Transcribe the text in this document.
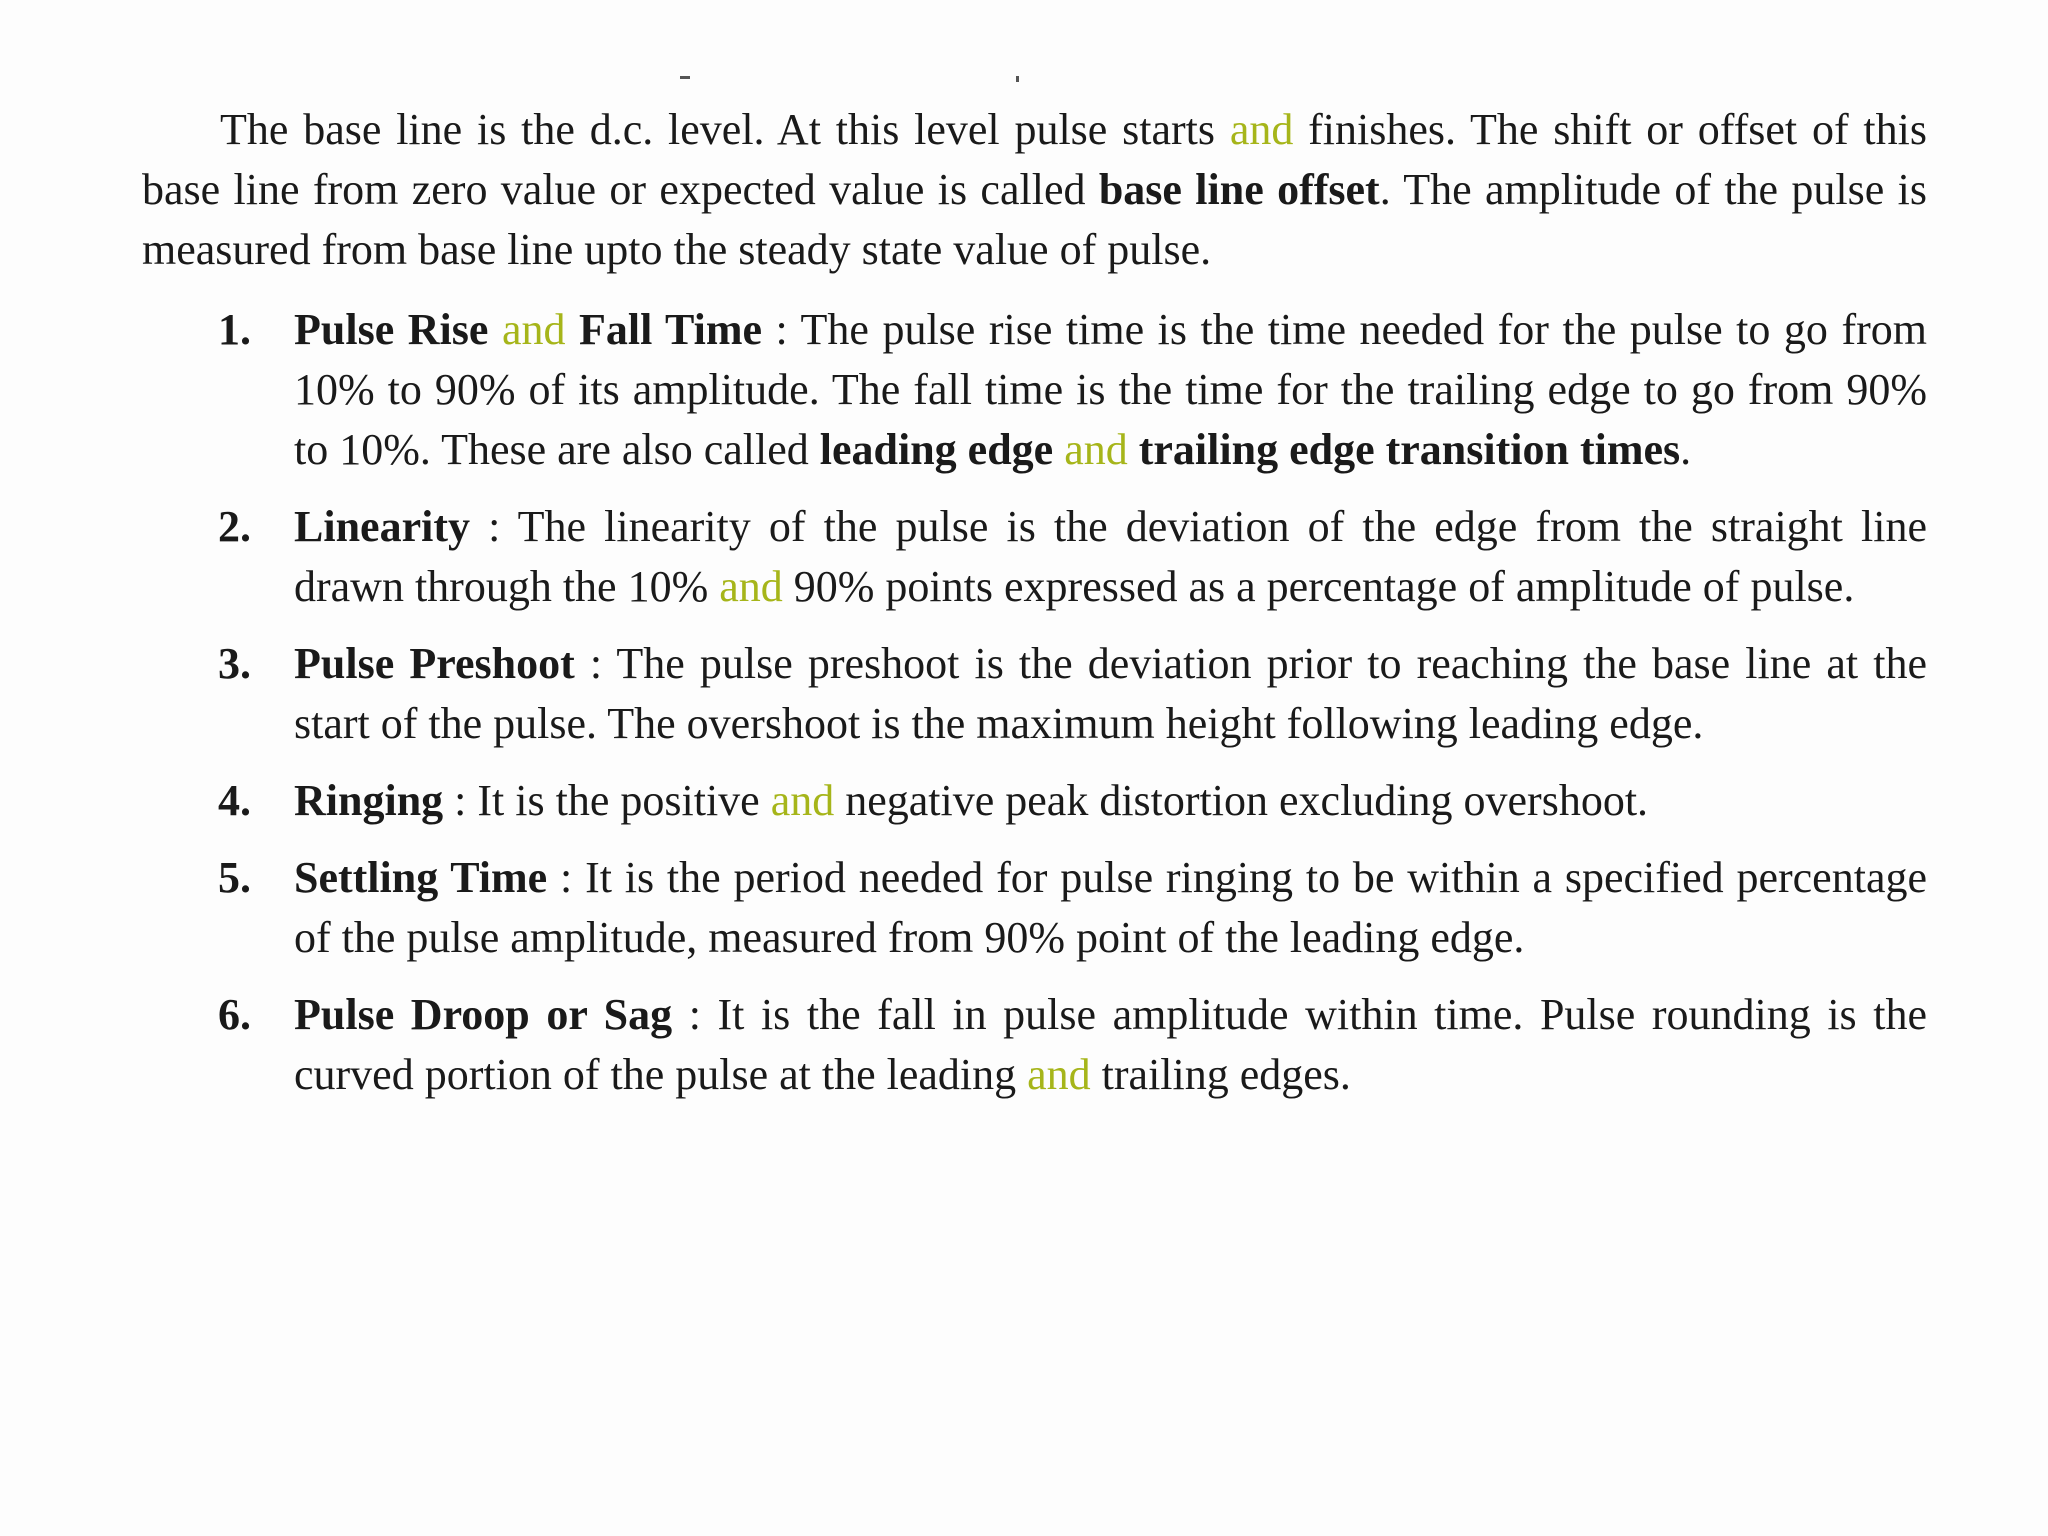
The base line is the d.c. level. At this level pulse starts and finishes. The shift or offset of this base line from zero value or expected value is called base line offset. The amplitude of the pulse is measured from base line upto the steady state value of pulse.

1. Pulse Rise and Fall Time : The pulse rise time is the time needed for the pulse to go from 10% to 90% of its amplitude. The fall time is the time for the trailing edge to go from 90% to 10%. These are also called leading edge and trailing edge transition times.
2. Linearity : The linearity of the pulse is the deviation of the edge from the straight line drawn through the 10% and 90% points expressed as a percentage of amplitude of pulse.
3. Pulse Preshoot : The pulse preshoot is the deviation prior to reaching the base line at the start of the pulse. The overshoot is the maximum height following leading edge.
4. Ringing : It is the positive and negative peak distortion excluding overshoot.
5. Settling Time : It is the period needed for pulse ringing to be within a specified percentage of the pulse amplitude, measured from 90% point of the leading edge.
6. Pulse Droop or Sag : It is the fall in pulse amplitude within time. Pulse rounding is the curved portion of the pulse at the leading and trailing edges.
